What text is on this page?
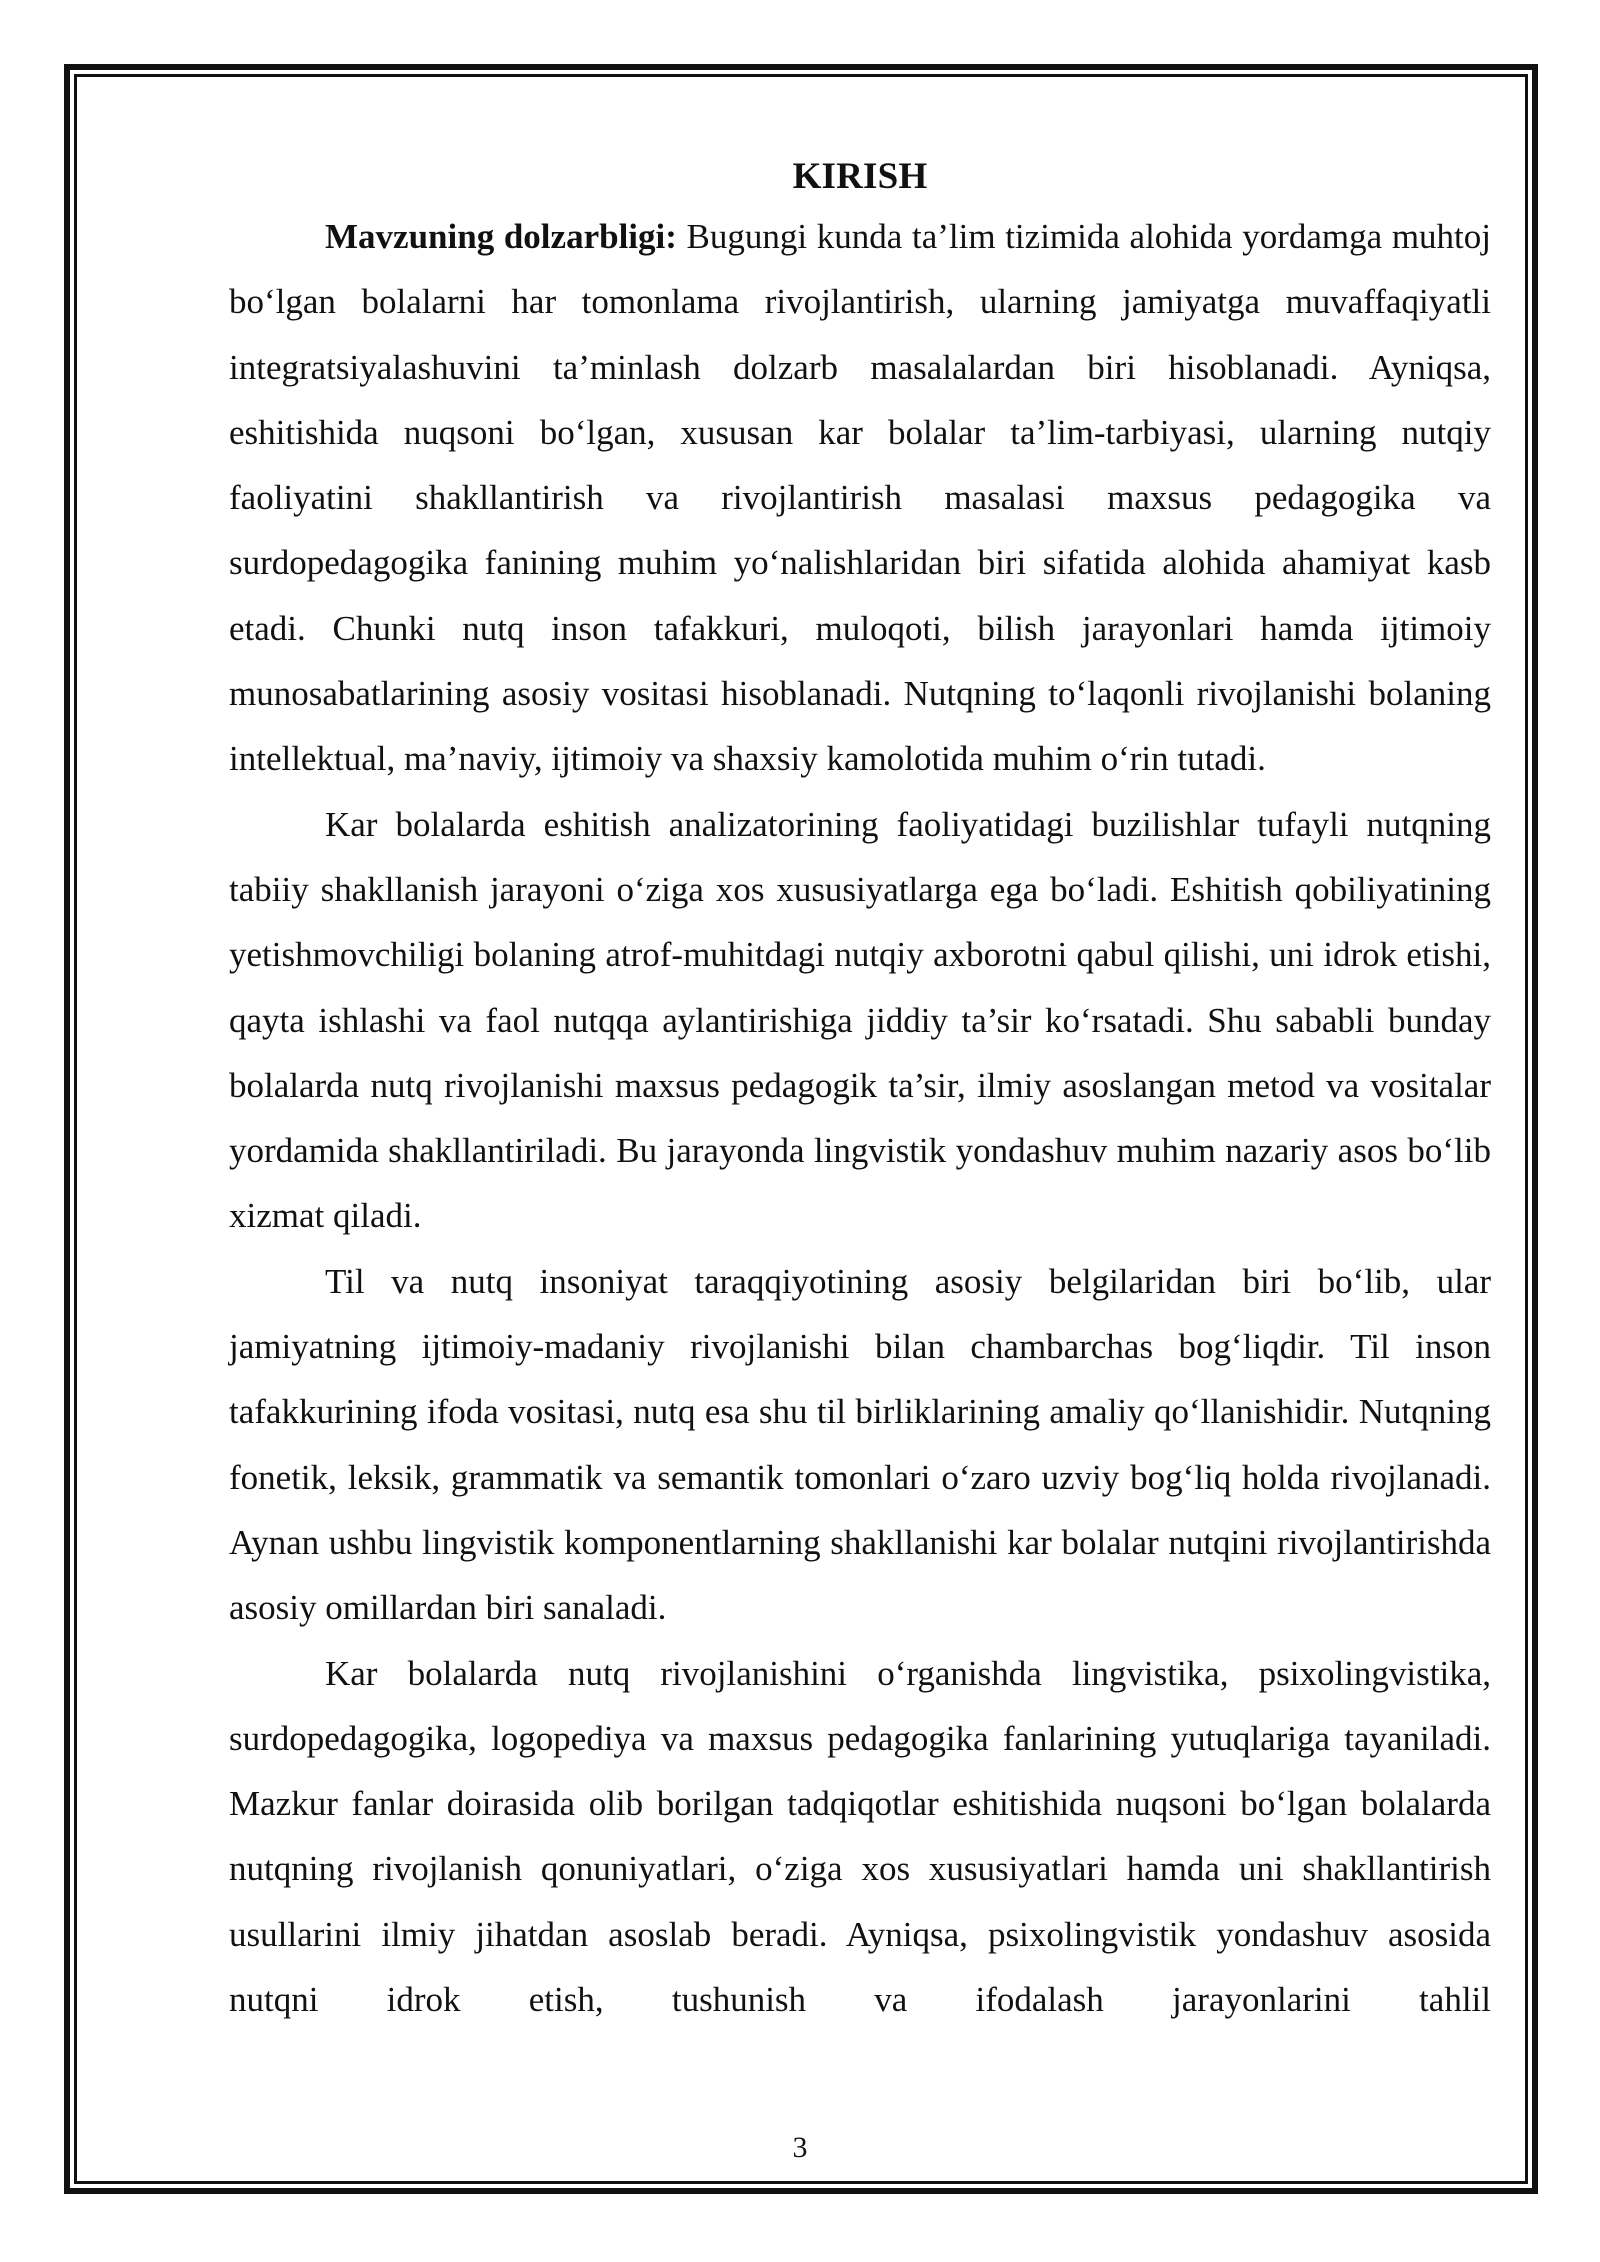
KIRISH

Mavzuning dolzarbligi: Bugungi kunda ta’lim tizimida alohida yordamga muhtoj bo‘lgan bolalarni har tomonlama rivojlantirish, ularning jamiyatga muvaffaqiyatli integratsiyalashuvini ta’minlash dolzarb masalalardan biri hisoblanadi. Ayniqsa, eshitishida nuqsoni bo‘lgan, xususan kar bolalar ta’lim-tarbiyasi, ularning nutqiy faoliyatini shakllantirish va rivojlantirish masalasi maxsus pedagogika va surdopedagogika fanining muhim yo‘nalishlaridan biri sifatida alohida ahamiyat kasb etadi. Chunki nutq inson tafakkuri, muloqoti, bilish jarayonlari hamda ijtimoiy munosabatlarining asosiy vositasi hisoblanadi. Nutqning to‘laqonli rivojlanishi bolaning intellektual, ma’naviy, ijtimoiy va shaxsiy kamolotida muhim o‘rin tutadi.

Kar bolalarda eshitish analizatorining faoliyatidagi buzilishlar tufayli nutqning tabiiy shakllanish jarayoni o‘ziga xos xususiyatlarga ega bo‘ladi. Eshitish qobiliyatining yetishmovchiligi bolaning atrof-muhitdagi nutqiy axborotni qabul qilishi, uni idrok etishi, qayta ishlashi va faol nutqqa aylantirishiga jiddiy ta’sir ko‘rsatadi. Shu sababli bunday bolalarda nutq rivojlanishi maxsus pedagogik ta’sir, ilmiy asoslangan metod va vositalar yordamida shakllantiriladi. Bu jarayonda lingvistik yondashuv muhim nazariy asos bo‘lib xizmat qiladi.

Til va nutq insoniyat taraqqiyotining asosiy belgilaridan biri bo‘lib, ular jamiyatning ijtimoiy-madaniy rivojlanishi bilan chambarchas bog‘liqdir. Til inson tafakkurining ifoda vositasi, nutq esa shu til birliklarining amaliy qo‘llanishidir. Nutqning fonetik, leksik, grammatik va semantik tomonlari o‘zaro uzviy bog‘liq holda rivojlanadi. Aynan ushbu lingvistik komponentlarning shakllanishi kar bolalar nutqini rivojlantirishda asosiy omillardan biri sanaladi.

Kar bolalarda nutq rivojlanishini o‘rganishda lingvistika, psixolingvistika, surdopedagogika, logopediya va maxsus pedagogika fanlarining yutuqlariga tayaniladi. Mazkur fanlar doirasida olib borilgan tadqiqotlar eshitishida nuqsoni bo‘lgan bolalarda nutqning rivojlanish qonuniyatlari, o‘ziga xos xususiyatlari hamda uni shakllantirish usullarini ilmiy jihatdan asoslab beradi. Ayniqsa, psixolingvistik yondashuv asosida nutqni idrok etish, tushunish va ifodalash jarayonlarini tahlil

3
